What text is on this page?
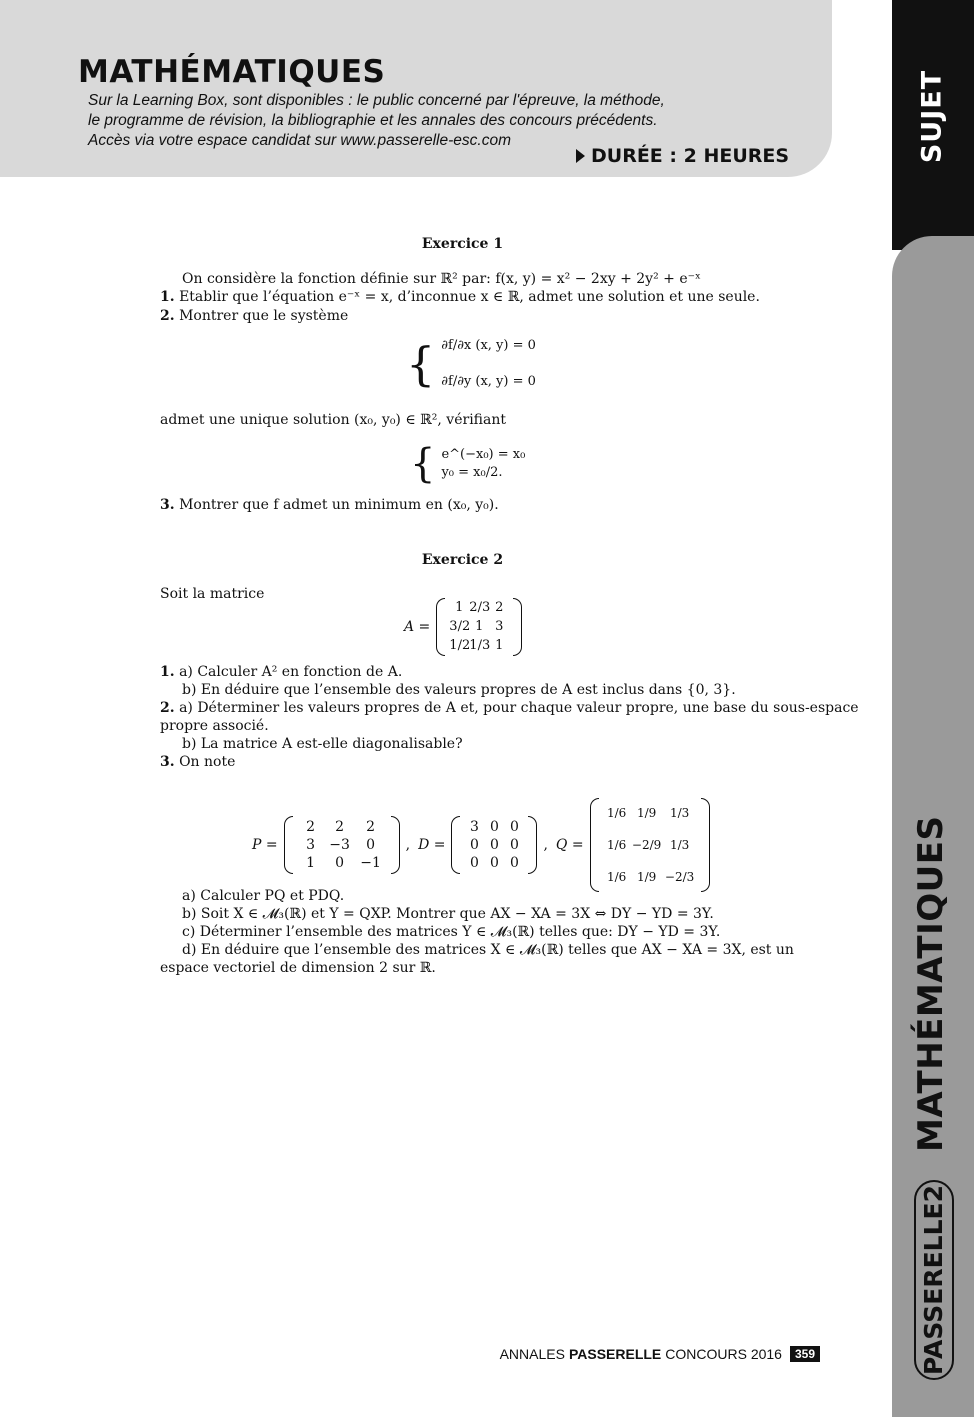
MATHÉMATIQUES
Sur la Learning Box, sont disponibles : le public concerné par l'épreuve, la méthode,
le programme de révision, la bibliographie et les annales des concours précédents.
Accès via votre espace candidat sur www.passerelle-esc.com
DURÉE : 2 HEURES	SUJET
MATHÉMATIQUES
PASSERELLE2
Exercice 1
On considère la fonction définie sur ℝ² par: f(x, y) = x² − 2xy + 2y² + e⁻ˣ
1. Etablir que l’équation e⁻ˣ = x, d’inconnue x ∈ ℝ, admet une solution et une seule.
2. Montrer que le système
{ ∂f/∂x (x, y) = 0
∂f/∂y (x, y) = 0
admet une unique solution (x₀, y₀) ∈ ℝ², vérifiant
{ e^(−x₀) = x₀
y₀ = x₀/2.
3. Montrer que f admet un minimum en (x₀, y₀).
Exercice 2
Soit la matrice
A =
1 2/3 2
3/2 1 3
1/2 1/3 1
1. a) Calculer A² en fonction de A.
b) En déduire que l’ensemble des valeurs propres de A est inclus dans {0, 3}.
2. a) Déterminer les valeurs propres de A et, pour chaque valeur propre, une base du sous-espace
propre associé.
b) La matrice A est-elle diagonalisable?
3. On note
P =
2	2	2
3	−3	0
1	0	−1
, D =
3 0 0
0 0 0
0 0 0
, Q =
1/6 1/9	1/3
1/6 −2/9 1/3
1/6 1/9 −2/3
a) Calculer PQ et PDQ.
b) Soit X ∈ 𝓜₃(ℝ) et Y = QXP. Montrer que AX − XA = 3X ⇔ DY − YD = 3Y.
c) Déterminer l’ensemble des matrices Y ∈ 𝓜₃(ℝ) telles que: DY − YD = 3Y.
d) En déduire que l’ensemble des matrices X ∈ 𝓜₃(ℝ) telles que AX − XA = 3X, est un
espace vectoriel de dimension 2 sur ℝ.
ANNALES PASSERELLE CONCOURS 2016	359
